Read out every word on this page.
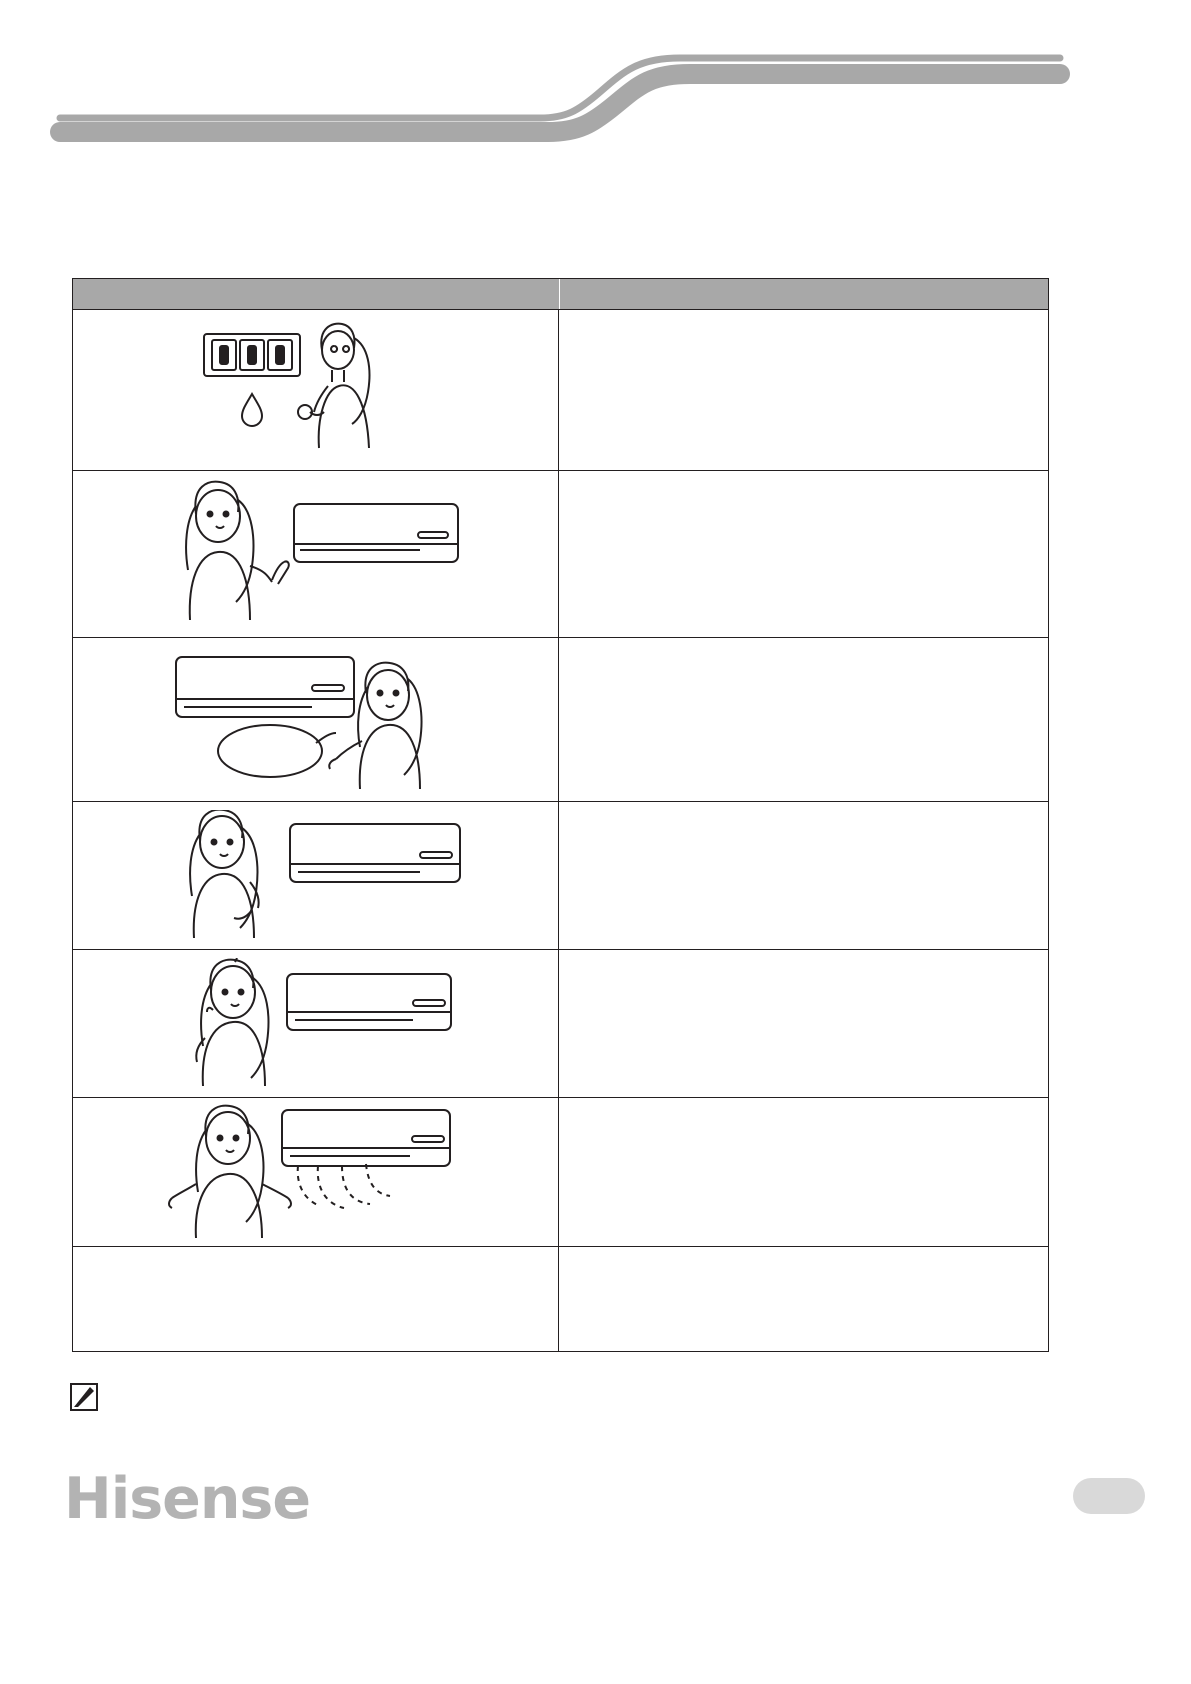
Hisense
